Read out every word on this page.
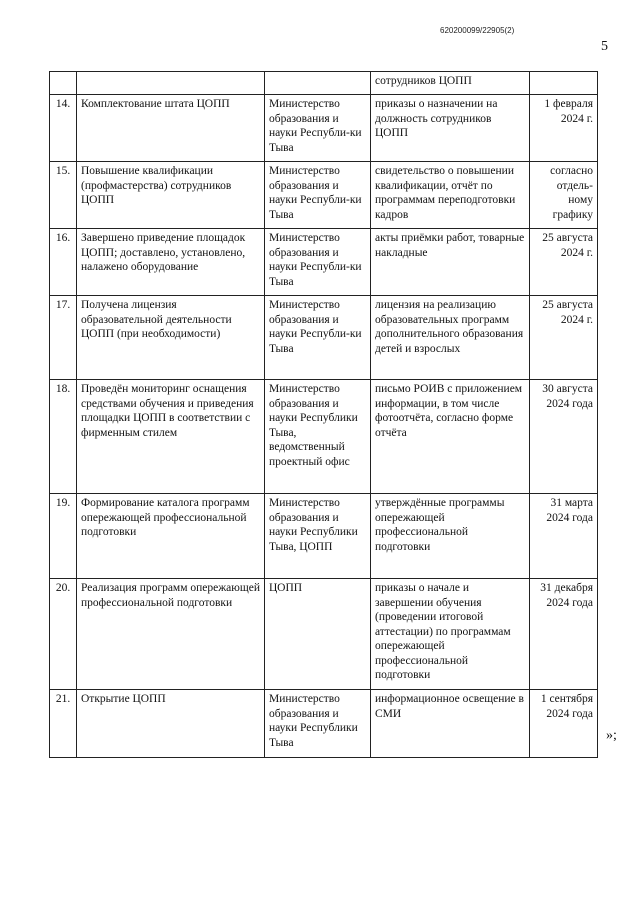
620200099/22905(2)
5
			сотрудников ЦОПП	
14.	Комплектование штата ЦОПП	Министерство образования и науки Республи-ки Тыва	приказы о назначении на должность сотрудников ЦОПП	1 февраля 2024 г.
15.	Повышение квалификации (профмастерства) сотрудников ЦОПП	Министерство образования и науки Республи-ки Тыва	свидетельство о повышении квалификации, отчёт по программам переподготовки кадров	согласно отдель-ному графику
16.	Завершено приведение площадок ЦОПП; доставлено, установлено, налажено оборудование	Министерство образования и науки Республи-ки Тыва	акты приёмки работ, товарные накладные	25 августа 2024 г.
17.	Получена лицензия образовательной деятельности ЦОПП (при необходимости)	Министерство образования и науки Республи-ки Тыва	лицензия на реализацию образовательных программ дополнительного образования детей и взрослых	25 августа 2024 г.
18.	Проведён мониторинг оснащения средствами обучения и приведения площадки ЦОПП в соответствии с фирменным стилем	Министерство образования и науки Республики Тыва, ведомственный проектный офис	письмо РОИВ с приложением информации, в том числе фотоотчёта, согласно форме отчёта	30 августа 2024 года
19.	Формирование каталога программ опережающей профессиональной подготовки	Министерство образования и науки Республики Тыва, ЦОПП	утверждённые программы опережающей профессиональной подготовки	31 марта 2024 года
20.	Реализация программ опережающей профессиональной подготовки	ЦОПП	приказы о начале и завершении обучения (проведении итоговой аттестации) по программам опережающей профессиональной подготовки	31 декабря 2024 года
21.	Открытие ЦОПП	Министерство образования и науки Республики Тыва	информационное освещение в СМИ	1 сентября 2024 года
»;
